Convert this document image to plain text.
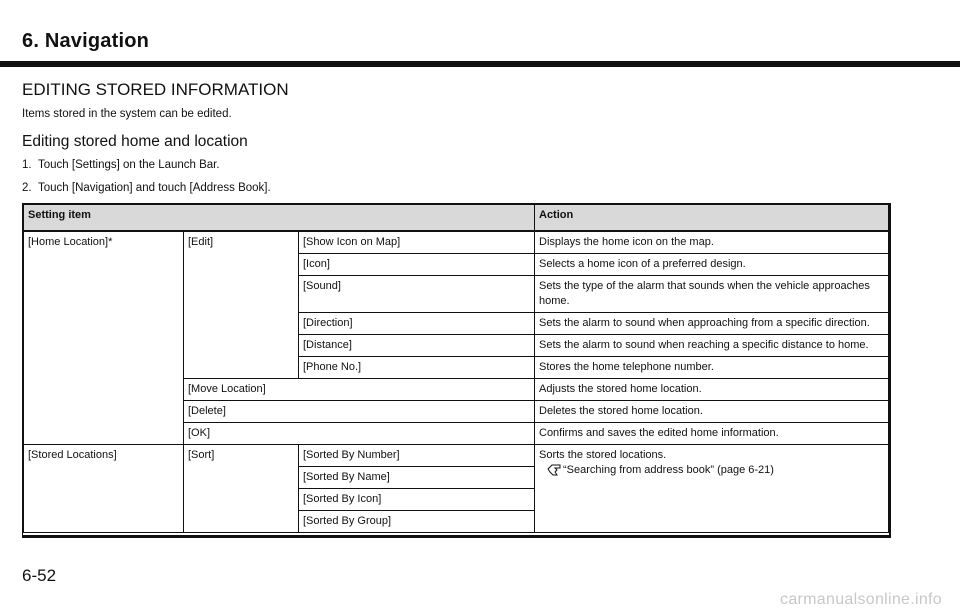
6. Navigation
EDITING STORED INFORMATION
Items stored in the system can be edited.
Editing stored home and location
1. Touch [Settings] on the Launch Bar.
2. Touch [Navigation] and touch [Address Book].
Setting item			Action
[Home Location]*	[Edit]	[Show Icon on Map]	Displays the home icon on the map.
		[Icon]	Selects a home icon of a preferred design.
		[Sound]	Sets the type of the alarm that sounds when the vehicle approaches home.
		[Direction]	Sets the alarm to sound when approaching from a specific direction.
		[Distance]	Sets the alarm to sound when reaching a specific distance to home.
		[Phone No.]	Stores the home telephone number.
	[Move Location]		Adjusts the stored home location.
	[Delete]		Deletes the stored home location.
	[OK]		Confirms and saves the edited home information.
[Stored Locations]	[Sort]	[Sorted By Number]	Sorts the stored locations.
“Searching from address book” (page 6-21)

		[Sorted By Name]	
		[Sorted By Icon]	
		[Sorted By Group]	
6-52
carmanualsonline.info
